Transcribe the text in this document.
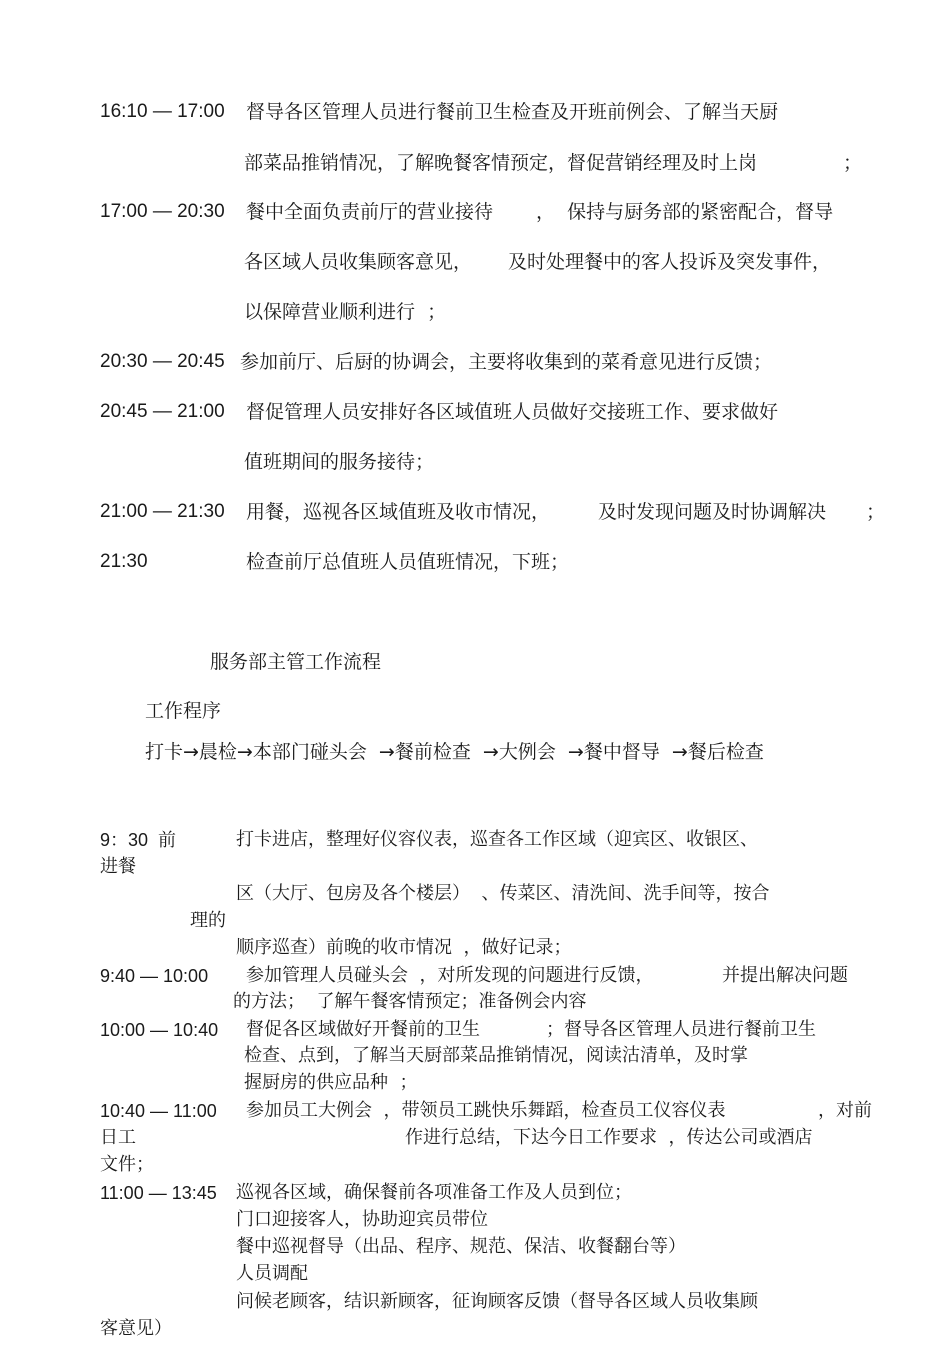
16:10 — 17:00 督导各区管理人员进行餐前卫生检查及开班前例会、了解当天厨
部菜品推销情况，了解晚餐客情预定，督促营销经理及时上岗	；
17:00 — 20:30 餐中全面负责前厅的营业接待 ，  保持与厨务部的紧密配合，督导
各区域人员收集顾客意见， 及时处理餐中的客人投诉及突发事件，
以保障营业顺利进行  ；
20:30 — 20:45 参加前厅、后厨的协调会，主要将收集到的菜肴意见进行反馈；
20:45 — 21:00 督促管理人员安排好各区域值班人员做好交接班工作、要求做好
值班期间的服务接待；
21:00 — 21:30 用餐，巡视各区域值班及收市情况，	及时发现问题及时协调解决 ；
21:30	检查前厅总值班人员值班情况，下班；
服务部主管工作流程
工作程序
打卡→晨检→本部门碰头会  →餐前检查  →大例会  →餐中督导  →餐后检查
9：30  前	打卡进店，整理好仪容仪表，巡查各工作区域（迎宾区、收银区、
进餐
区（大厅、包房及各个楼层）  、传菜区、清洗间、洗手间等，按合
理的
顺序巡查）前晚的收市情况  ，做好记录；
9:40 — 10:00 参加管理人员碰头会  ，对所发现的问题进行反馈，	并提出解决问题
的方法；  了解午餐客情预定；准备例会内容
10:00 — 10:40 督促各区域做好开餐前的卫生	；督导各区管理人员进行餐前卫生
检查、点到，了解当天厨部菜品推销情况，阅读沽清单，及时掌
握厨房的供应品种  ；
10:40 — 11:00 参加员工大例会  ，带领员工跳快乐舞蹈，检查员工仪容仪表	，对前
日工	作进行总结，下达今日工作要求  ，传达公司或酒店
文件；
11:00 — 13:45 巡视各区域，确保餐前各项准备工作及人员到位；
门口迎接客人，协助迎宾员带位
餐中巡视督导（出品、程序、规范、保洁、收餐翻台等）
人员调配
问候老顾客，结识新顾客，征询顾客反馈（督导各区域人员收集顾
客意见）
